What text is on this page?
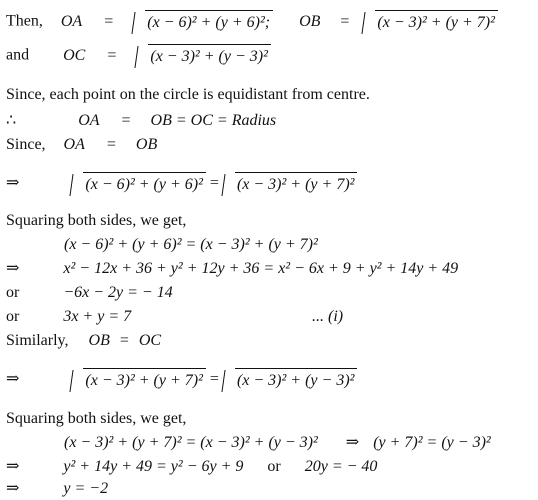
Then, OA = (x − 6)² + (y + 6)²; OB = (x − 3)² + (y + 7)²
and OC = (x − 3)² + (y − 3)²
Since, each point on the circle is equidistant from centre.
∴	OA = OB = OC = Radius
Since, OA = OB
⇒	(x − 6)² + (y + 6)² = (x − 3)² + (y + 7)²
Squaring both sides, we get,
(x − 6)² + (y + 6)² = (x − 3)² + (y + 7)²
⇒	x² − 12x + 36 + y² + 12y + 36 = x² − 6x + 9 + y² + 14y + 49
or	−6x − 2y = − 14
or	3x + y = 7	... (i)
Similarly, OB = OC
⇒	(x − 3)² + (y + 7)² = (x − 3)² + (y − 3)²
Squaring both sides, we get,
(x − 3)² + (y + 7)² = (x − 3)² + (y − 3)² ⇒ (y + 7)² = (y − 3)²
⇒	y² + 14y + 49 = y² − 6y + 9 or 20y = − 40
⇒	y = −2
